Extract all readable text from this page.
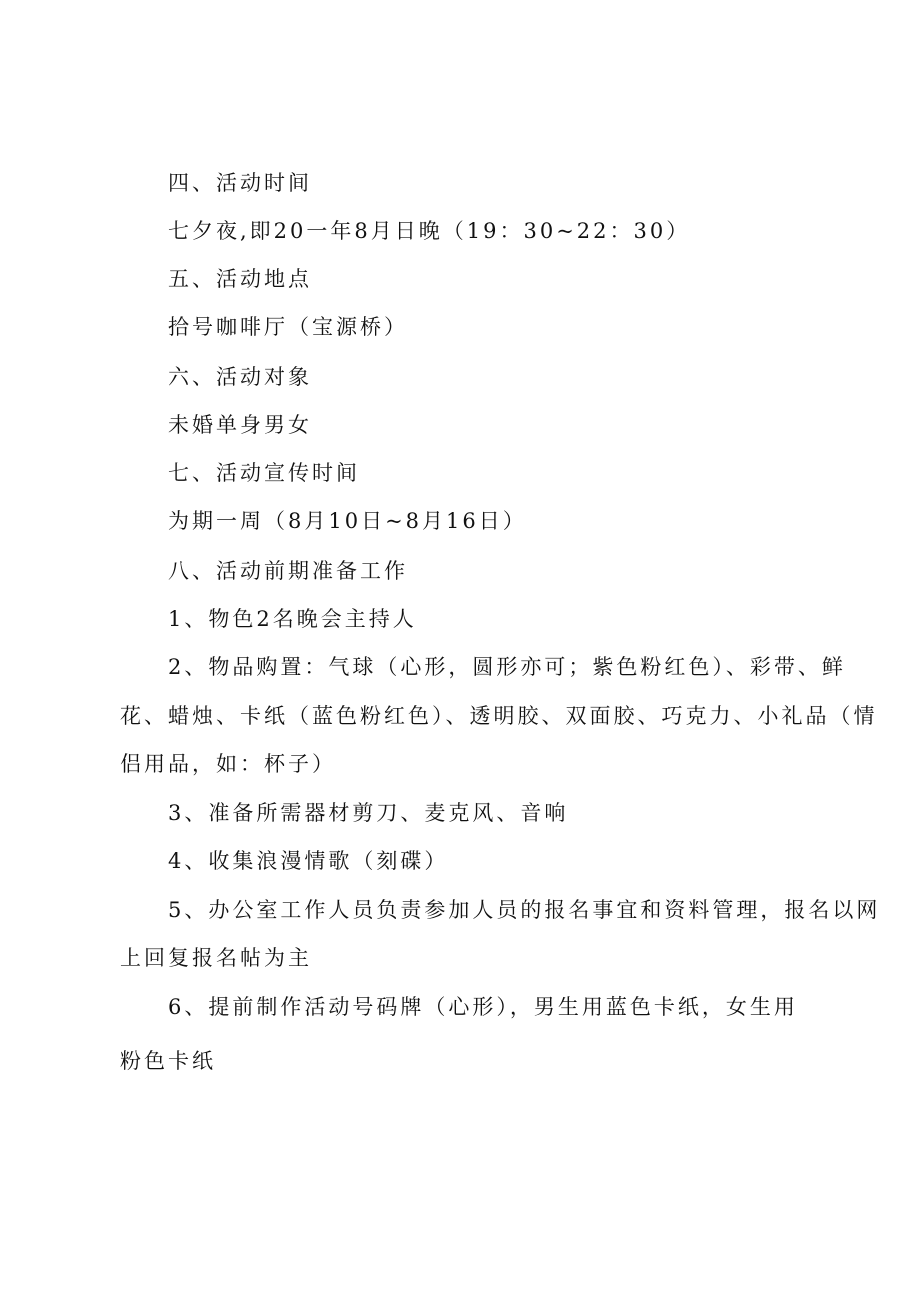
四、活动时间

七夕夜,即20一年8月日晚（19：30~22：30）

五、活动地点

拾号咖啡厅（宝源桥）

六、活动对象

未婚单身男女

七、活动宣传时间

为期一周（8月10日~8月16日）

八、活动前期准备工作

1、物色2名晚会主持人

2、物品购置：气球（心形，圆形亦可；紫色粉红色）、彩带、鲜

花、蜡烛、卡纸（蓝色粉红色）、透明胶、双面胶、巧克力、小礼品（情

侣用品，如：杯子）

3、准备所需器材剪刀、麦克风、音响

4、收集浪漫情歌（刻碟）

5、办公室工作人员负责参加人员的报名事宜和资料管理，报名以网

上回复报名帖为主

6、提前制作活动号码牌（心形），男生用蓝色卡纸，女生用

粉色卡纸
